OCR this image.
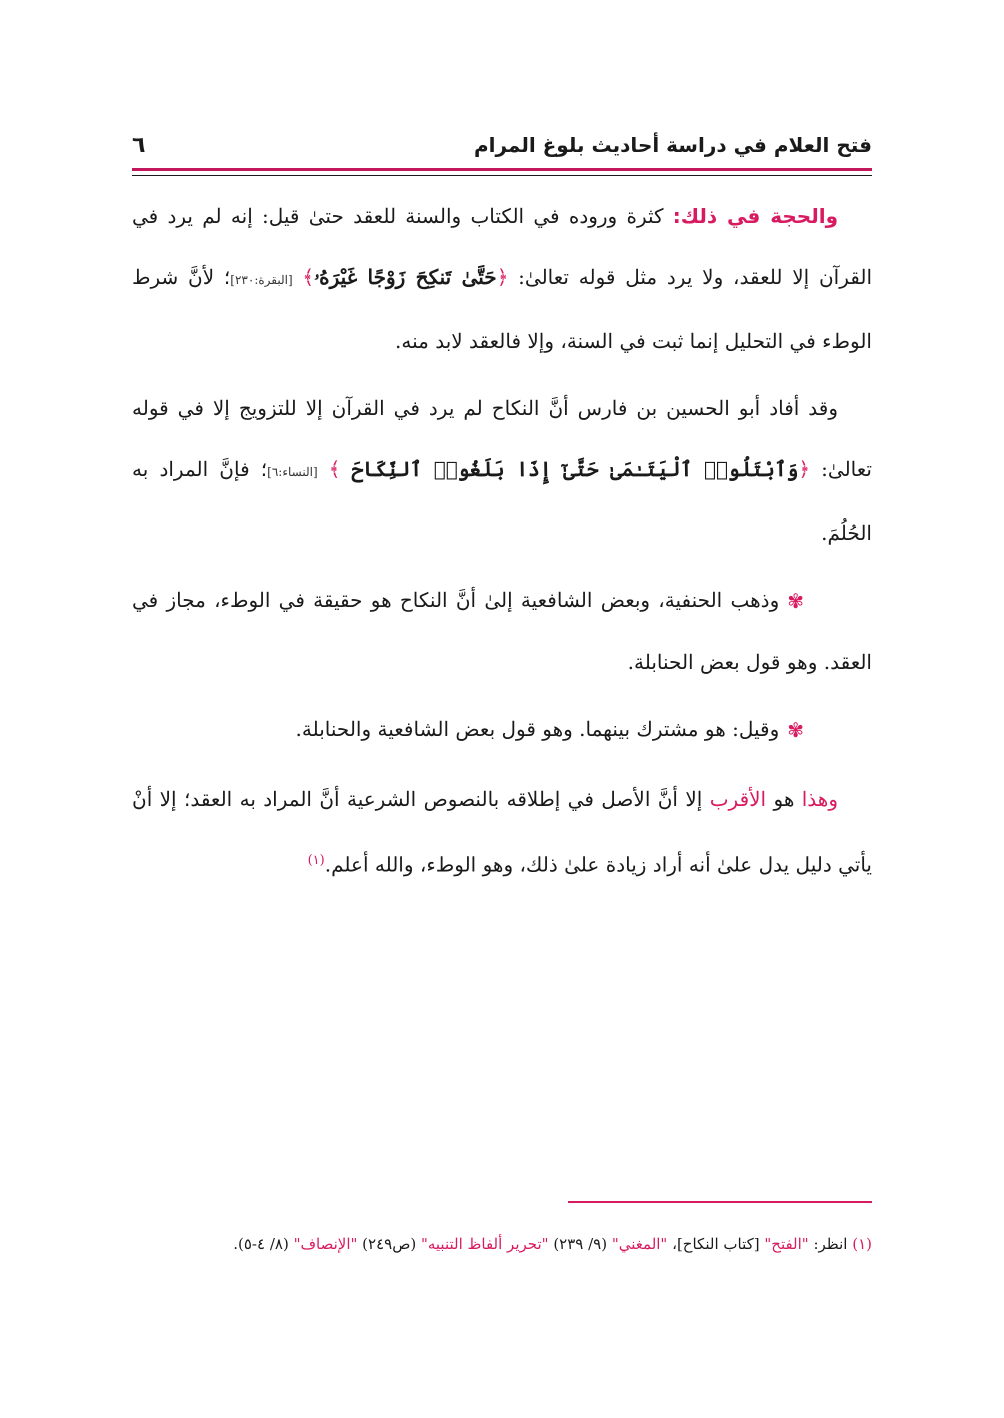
فتح العلام في دراسة أحاديث بلوغ المرام
٦

والحجة في ذلك: كثرة وروده في الكتاب والسنة للعقد حتىٰ قيل: إنه لم يرد في القرآن إلا للعقد، ولا يرد مثل قوله تعالىٰ: ﴿حَتَّىٰ تَنكِحَ زَوْجًا غَيْرَهُۥ﴾ [البقرة:٢٣٠]؛ لأنَّ شرط الوطء في التحليل إنما ثبت في السنة، وإلا فالعقد لابد منه.

وقد أفاد أبو الحسين بن فارس أنَّ النكاح لم يرد في القرآن إلا للتزويج إلا في قوله تعالىٰ: ﴿وَٱبْتَلُوا۟ ٱلْيَتَـٰمَىٰ حَتَّىٰٓ إِذَا بَلَغُوا۟ ٱلنِّكَاحَ ﴾ [النساء:٦]؛ فإنَّ المراد به الحُلُمَ.

✾وذهب الحنفية، وبعض الشافعية إلىٰ أنَّ النكاح هو حقيقة في الوطء، مجاز في العقد. وهو قول بعض الحنابلة.

✾وقيل: هو مشترك بينهما. وهو قول بعض الشافعية والحنابلة.

وهذا هو الأقرب إلا أنَّ الأصل في إطلاقه بالنصوص الشرعية أنَّ المراد به العقد؛ إلا أنْ يأتي دليل يدل علىٰ أنه أراد زيادة علىٰ ذلك، وهو الوطء، والله أعلم.$^{(١)}$

(١) انظر: "الفتح" [كتاب النكاح]، "المغني" (٩/ ٢٣٩) "تحرير ألفاظ التنبيه" (ص٢٤٩) "الإنصاف" (٨/ ٤-٥).
